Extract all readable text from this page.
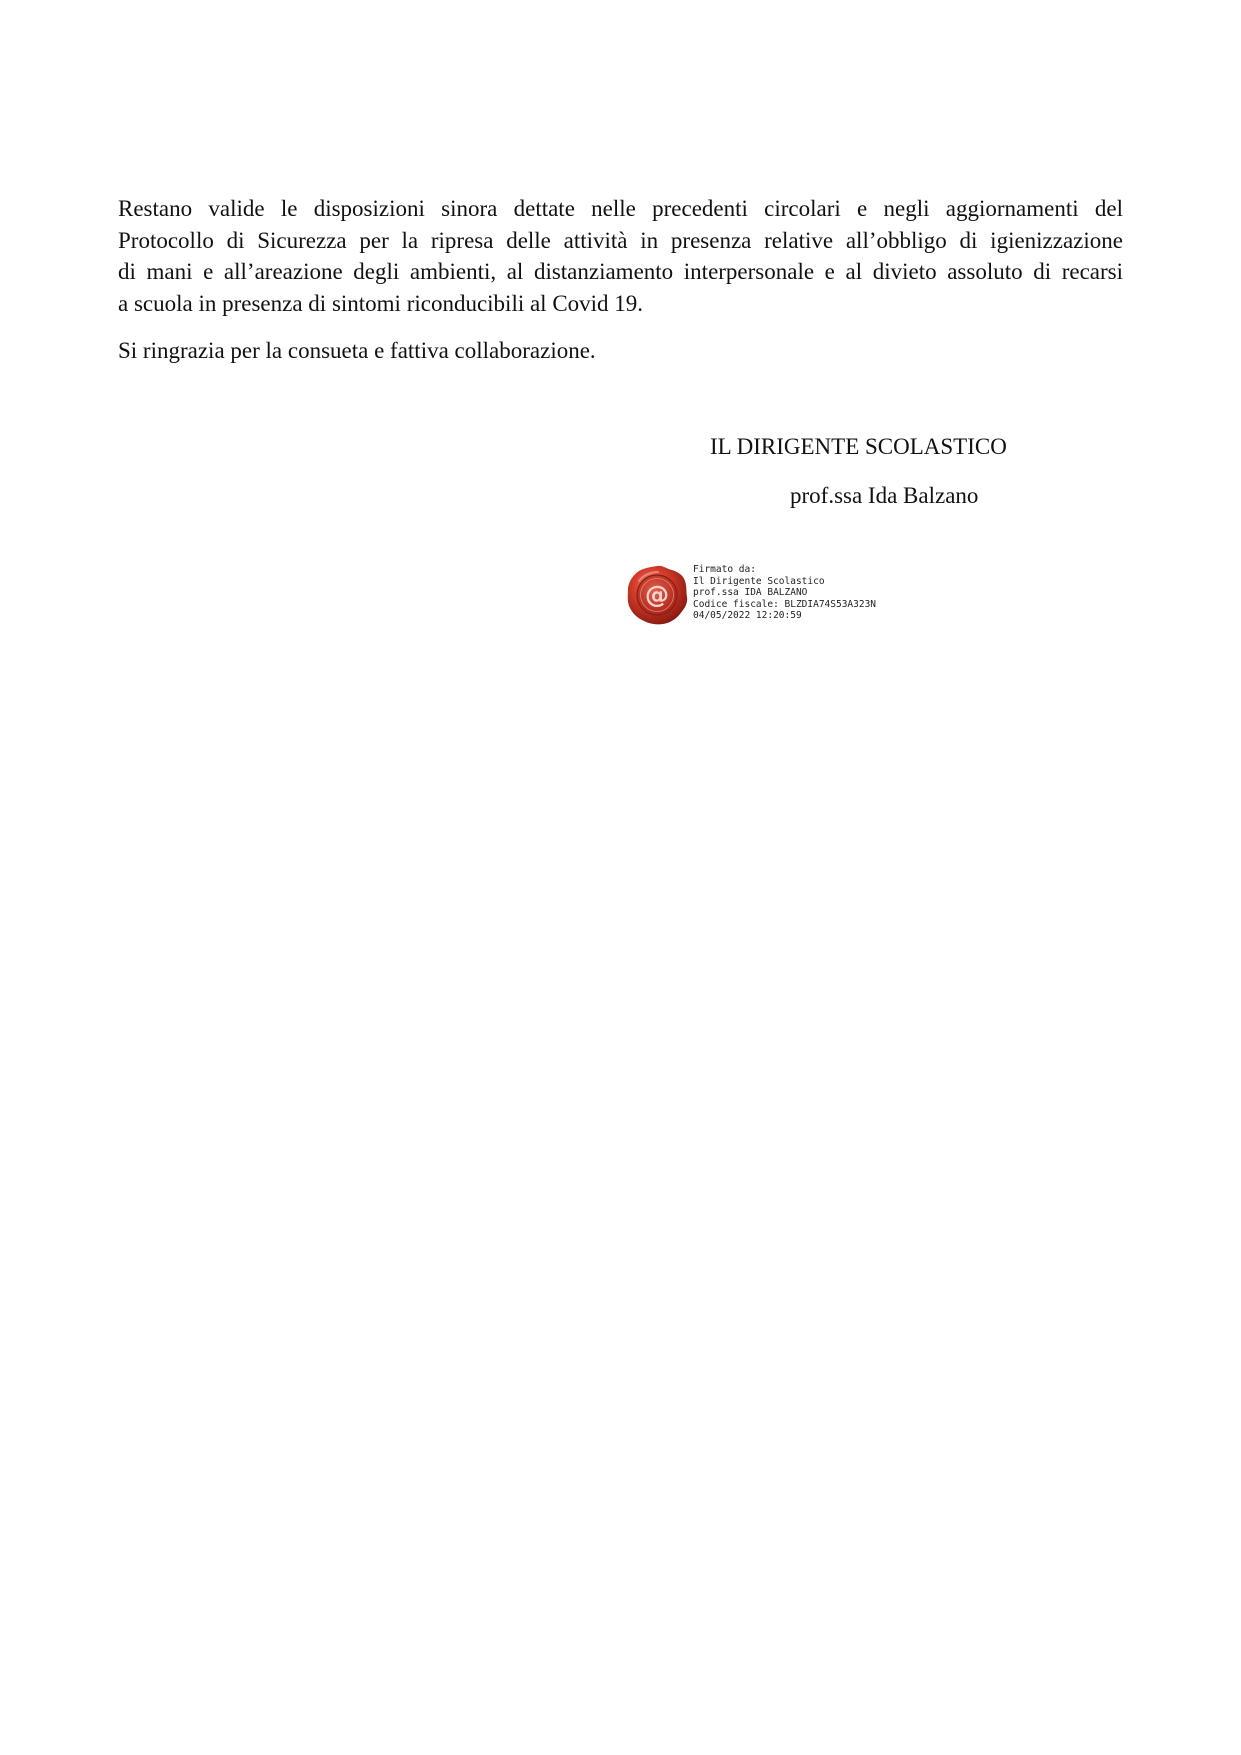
Restano valide le disposizioni sinora dettate nelle precedenti circolari e negli aggiornamenti del
Protocollo di Sicurezza per la ripresa delle attività in presenza relative all’obbligo di igienizzazione
di mani e all’areazione degli ambienti, al distanziamento interpersonale e al divieto assoluto di recarsi
a scuola in presenza di sintomi riconducibili al Covid 19.

Si ringrazia per la consueta e fattiva collaborazione.

IL DIRIGENTE SCOLASTICO
prof.ssa Ida Balzano
@
Firmato da:
Il Dirigente Scolastico
prof.ssa IDA BALZANO
Codice fiscale: BLZDIA74S53A323N
04/05/2022 12:20:59
